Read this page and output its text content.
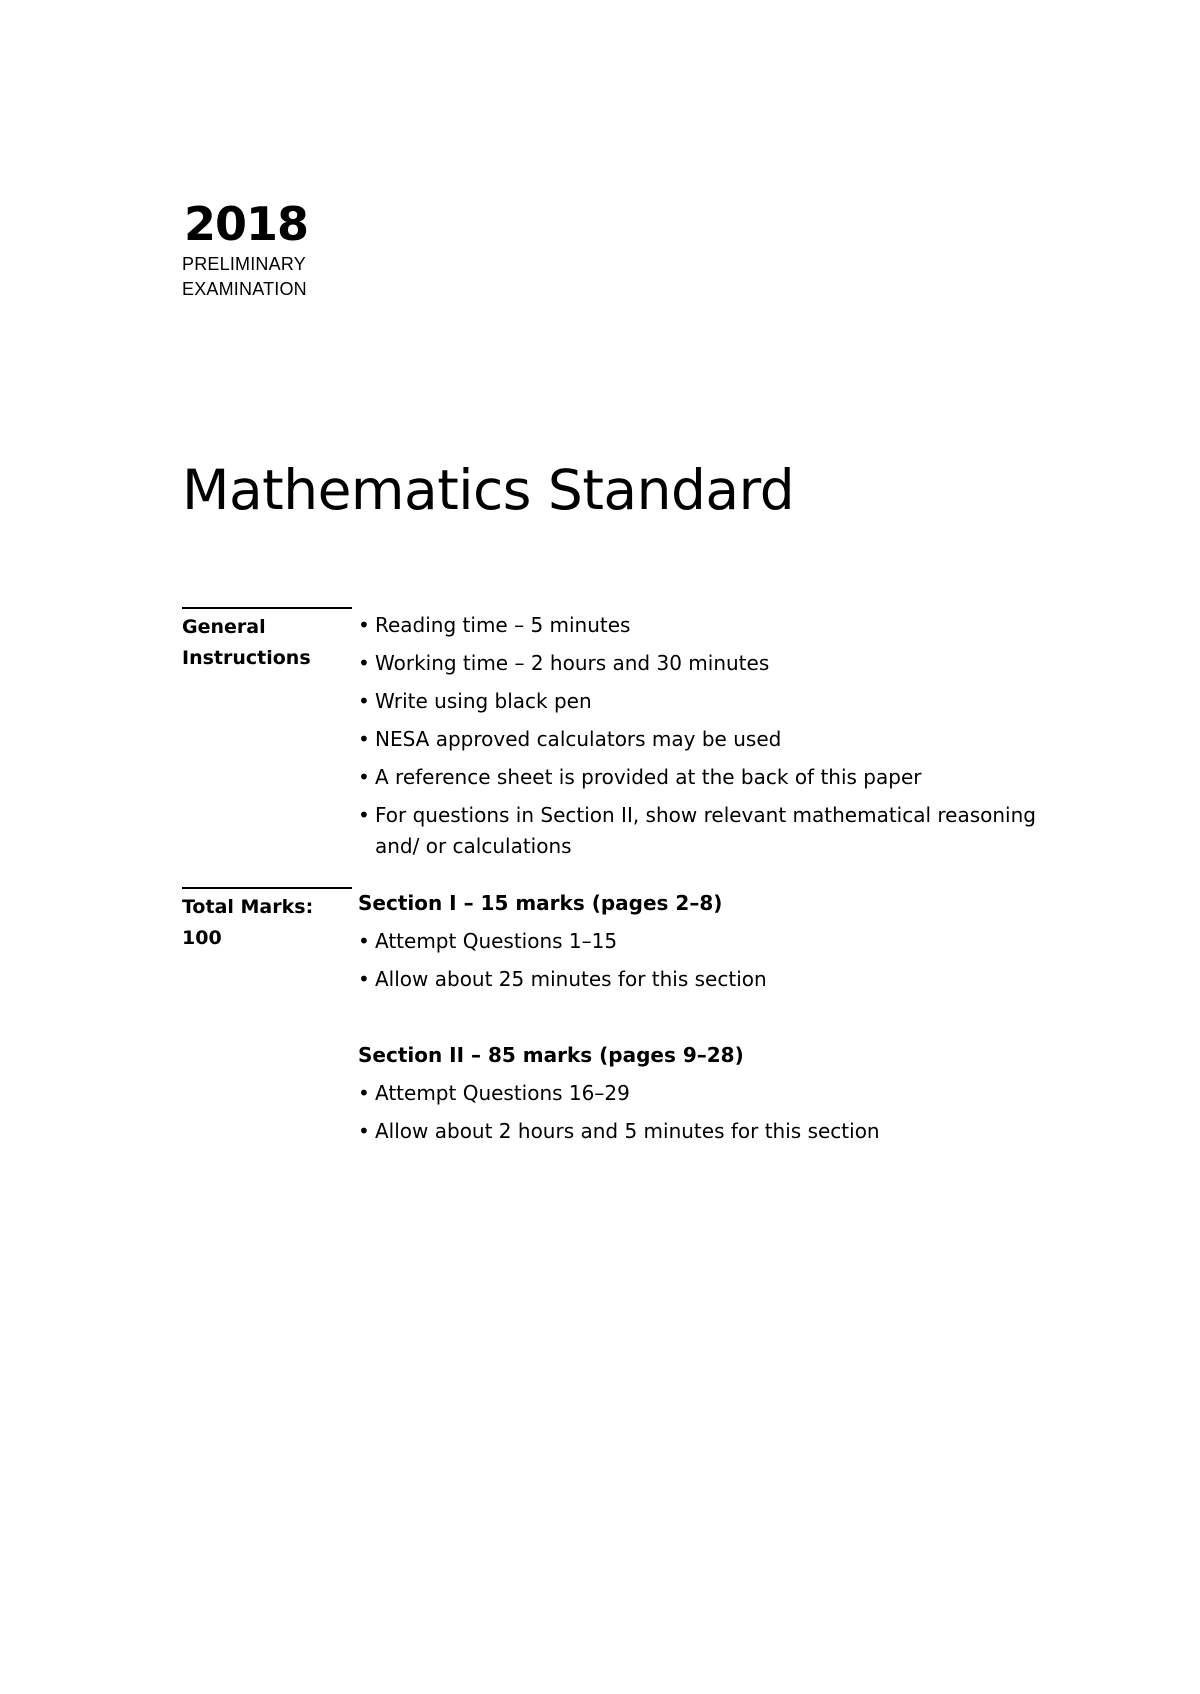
2018
PRELIMINARY
EXAMINATION
Mathematics Standard
General
Instructions
• Reading time – 5 minutes
• Working time – 2 hours and 30 minutes
• Write using black pen
• NESA approved calculators may be used
• A reference sheet is provided at the back of this paper
• For questions in Section II, show relevant mathematical reasoning and/ or calculations
Total Marks:
100
Section I – 15 marks (pages 2–8)
• Attempt Questions 1–15
• Allow about 25 minutes for this section
Section II – 85 marks (pages 9–28)
• Attempt Questions 16–29
• Allow about 2 hours and 5 minutes for this section
